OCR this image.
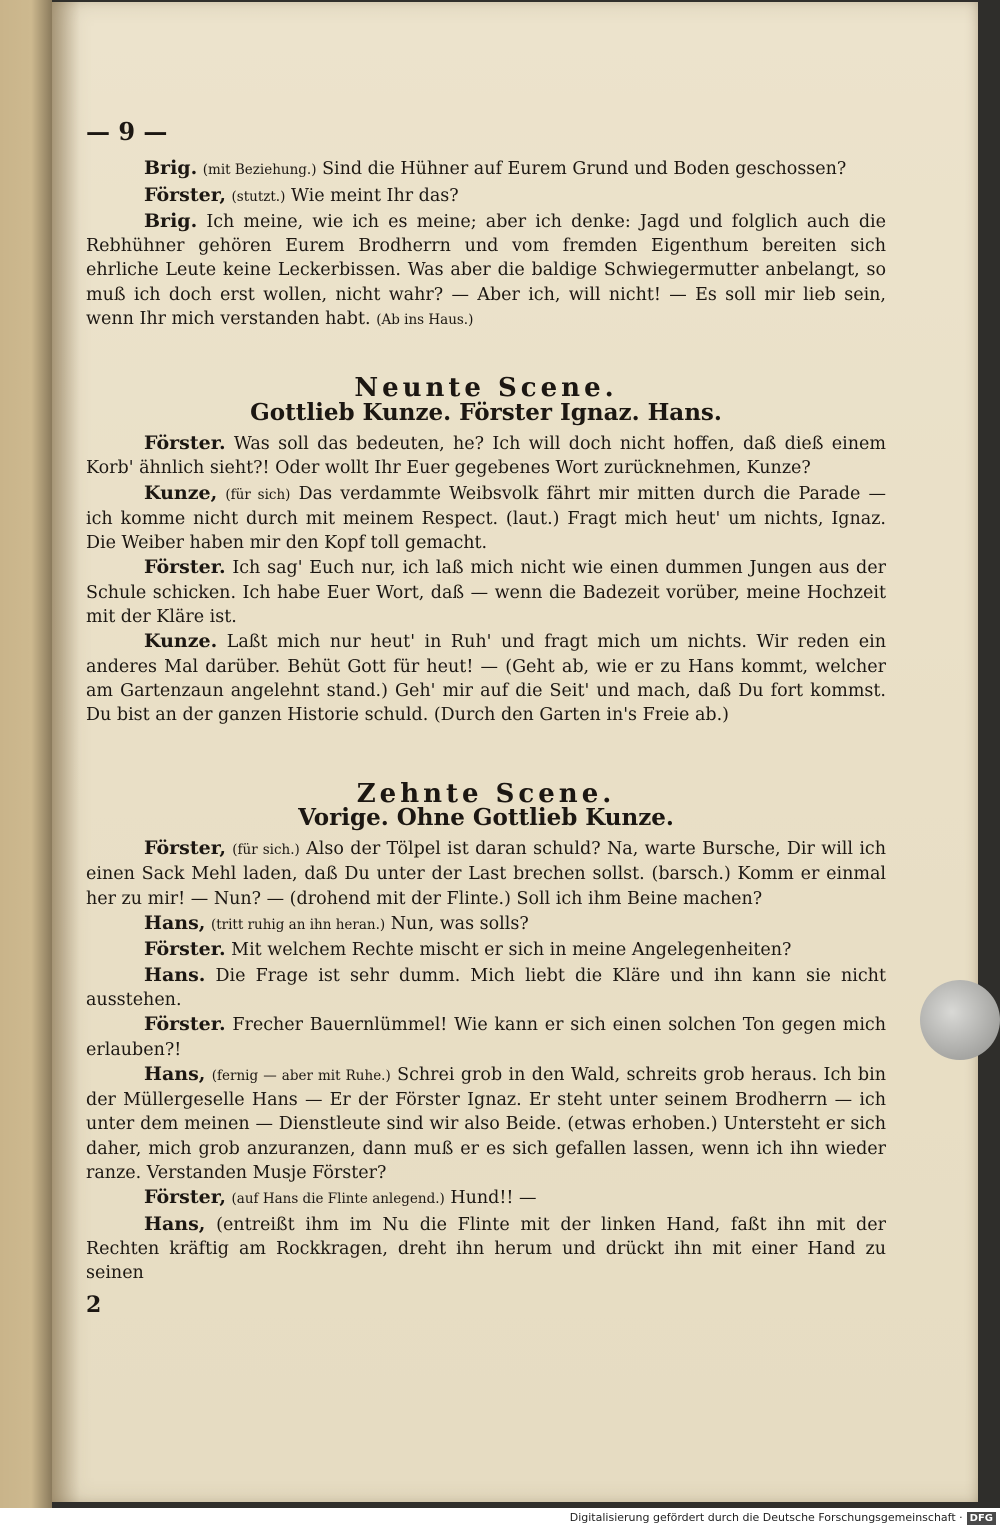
— 9 —

Brig. (mit Beziehung.) Sind die Hühner auf Eurem Grund und Boden geschossen?

Förster, (stutzt.) Wie meint Ihr das?

Brig. Ich meine, wie ich es meine; aber ich denke: Jagd und folglich auch die Rebhühner gehören Eurem Brodherrn und vom fremden Eigenthum bereiten sich ehrliche Leute keine Leckerbissen. Was aber die baldige Schwiegermutter anbelangt, so muß ich doch erst wollen, nicht wahr? — Aber ich, will nicht! — Es soll mir lieb sein, wenn Ihr mich verstanden habt. (Ab ins Haus.)

Neunte Scene.

Gottlieb Kunze. Förster Ignaz. Hans.

Förster. Was soll das bedeuten, he? Ich will doch nicht hoffen, daß dieß einem Korb' ähnlich sieht?! Oder wollt Ihr Euer gegebenes Wort zurücknehmen, Kunze?

Kunze, (für sich) Das verdammte Weibsvolk fährt mir mitten durch die Parade — ich komme nicht durch mit meinem Respect. (laut.) Fragt mich heut' um nichts, Ignaz. Die Weiber haben mir den Kopf toll gemacht.

Förster. Ich sag' Euch nur, ich laß mich nicht wie einen dummen Jungen aus der Schule schicken. Ich habe Euer Wort, daß — wenn die Badezeit vorüber, meine Hochzeit mit der Kläre ist.

Kunze. Laßt mich nur heut' in Ruh' und fragt mich um nichts. Wir reden ein anderes Mal darüber. Behüt Gott für heut! — (Geht ab, wie er zu Hans kommt, welcher am Gartenzaun angelehnt stand.) Geh' mir auf die Seit' und mach, daß Du fort kommst. Du bist an der ganzen Historie schuld. (Durch den Garten in's Freie ab.)

Zehnte Scene.

Vorige. Ohne Gottlieb Kunze.

Förster, (für sich.) Also der Tölpel ist daran schuld? Na, warte Bursche, Dir will ich einen Sack Mehl laden, daß Du unter der Last brechen sollst. (barsch.) Komm er einmal her zu mir! — Nun? — (drohend mit der Flinte.) Soll ich ihm Beine machen?

Hans, (tritt ruhig an ihn heran.) Nun, was solls?

Förster. Mit welchem Rechte mischt er sich in meine Angelegenheiten?

Hans. Die Frage ist sehr dumm. Mich liebt die Kläre und ihn kann sie nicht ausstehen.

Förster. Frecher Bauernlümmel! Wie kann er sich einen solchen Ton gegen mich erlauben?!

Hans, (fernig — aber mit Ruhe.) Schrei grob in den Wald, schreits grob heraus. Ich bin der Müllergeselle Hans — Er der Förster Ignaz. Er steht unter seinem Brodherrn — ich unter dem meinen — Dienstleute sind wir also Beide. (etwas erhoben.) Untersteht er sich daher, mich grob anzuranzen, dann muß er es sich gefallen lassen, wenn ich ihn wieder ranze. Verstanden Musje Förster?

Förster, (auf Hans die Flinte anlegend.) Hund!! —

Hans, (entreißt ihm im Nu die Flinte mit der linken Hand, faßt ihn mit der Rechten kräftig am Rockkragen, dreht ihn herum und drückt ihn mit einer Hand zu seinen

2

Digitalisierung gefördert durch die Deutsche Forschungsgemeinschaft · DFG
